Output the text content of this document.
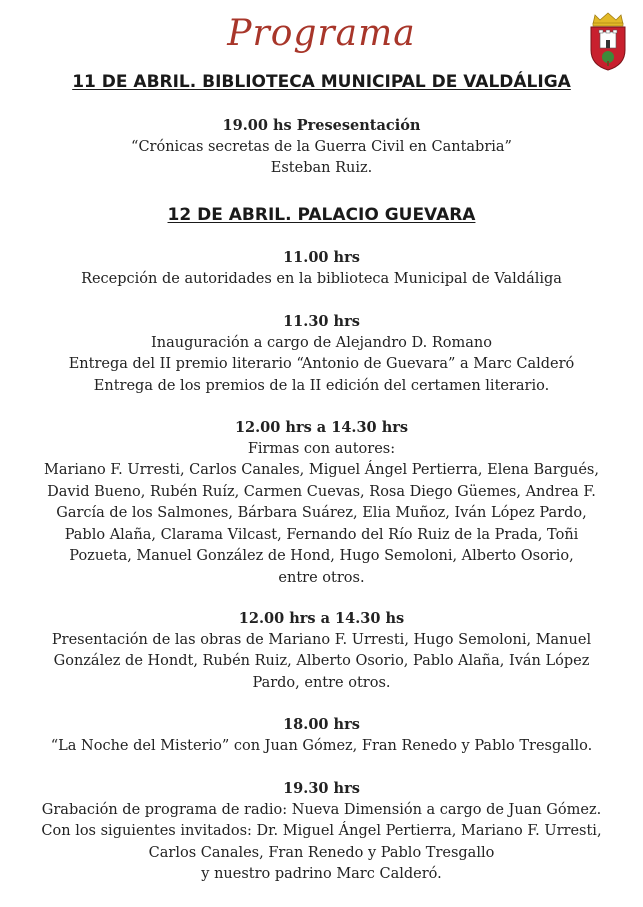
Programa
11 DE ABRIL. BIBLIOTECA MUNICIPAL DE VALDÁLIGA
19.00 hs Presesentación
“Crónicas secretas de la Guerra Civil en Cantabria”
Esteban Ruiz.
12 DE ABRIL. PALACIO GUEVARA
11.00 hrs
Recepción de autoridades en la biblioteca Municipal de Valdáliga
11.30 hrs
Inauguración a cargo de Alejandro D. Romano
Entrega del II premio literario “Antonio de Guevara” a Marc Calderó
Entrega de los premios de la II edición del certamen literario.
12.00 hrs a 14.30 hrs
Firmas con autores:
Mariano F. Urresti, Carlos Canales, Miguel Ángel Pertierra, Elena Bargués,
David Bueno, Rubén Ruíz, Carmen Cuevas, Rosa Diego Güemes, Andrea F.
García de los Salmones, Bárbara Suárez, Elia Muñoz, Iván López Pardo,
Pablo Alaña, Clarama Vilcast, Fernando del Río Ruiz de la Prada, Toñi
Pozueta, Manuel González de Hond, Hugo Semoloni, Alberto Osorio,
entre otros.
12.00 hrs a 14.30 hs
Presentación de las obras de Mariano F. Urresti, Hugo Semoloni, Manuel
González de Hondt, Rubén Ruiz, Alberto Osorio, Pablo Alaña, Iván López
Pardo, entre otros.
18.00 hrs
“La Noche del Misterio” con Juan Gómez, Fran Renedo y Pablo Tresgallo.
19.30 hrs
Grabación de programa de radio: Nueva Dimensión a cargo de Juan Gómez.
Con los siguientes invitados: Dr. Miguel Ángel Pertierra, Mariano F. Urresti,
Carlos Canales, Fran Renedo y Pablo Tresgallo
y nuestro padrino Marc Calderó.
